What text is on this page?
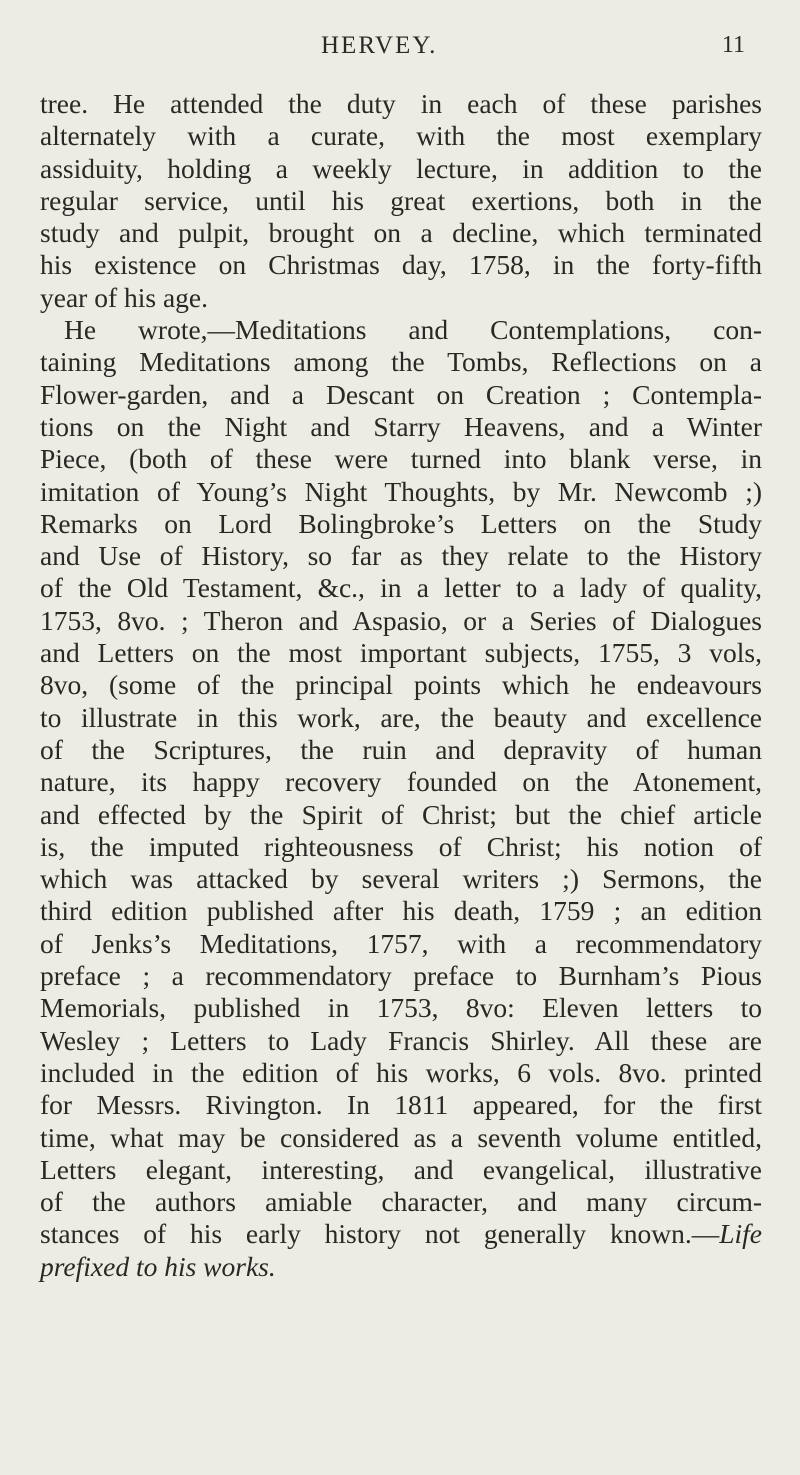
HERVEY.	11
tree. He attended the duty in each of these parishes
alternately with a curate, with the most exemplary
assiduity, holding a weekly lecture, in addition to the
regular service, until his great exertions, both in the
study and pulpit, brought on a decline, which terminated
his existence on Christmas day, 1758, in the forty-fifth
year of his age.
He wrote,—Meditations and Contemplations, con-
taining Meditations among the Tombs, Reflections on a
Flower-garden, and a Descant on Creation ; Contempla-
tions on the Night and Starry Heavens, and a Winter
Piece, (both of these were turned into blank verse, in
imitation of Young’s Night Thoughts, by Mr. Newcomb ;)
Remarks on Lord Bolingbroke’s Letters on the Study
and Use of History, so far as they relate to the History
of the Old Testament, &c., in a letter to a lady of quality,
1753, 8vo. ; Theron and Aspasio, or a Series of Dialogues
and Letters on the most important subjects, 1755, 3 vols,
8vo, (some of the principal points which he endeavours
to illustrate in this work, are, the beauty and excellence
of the Scriptures, the ruin and depravity of human
nature, its happy recovery founded on the Atonement,
and effected by the Spirit of Christ; but the chief article
is, the imputed righteousness of Christ; his notion of
which was attacked by several writers ;) Sermons, the
third edition published after his death, 1759 ; an edition
of Jenks’s Meditations, 1757, with a recommendatory
preface ; a recommendatory preface to Burnham’s Pious
Memorials, published in 1753, 8vo: Eleven letters to
Wesley ; Letters to Lady Francis Shirley. All these are
included in the edition of his works, 6 vols. 8vo. printed
for Messrs. Rivington. In 1811 appeared, for the first
time, what may be considered as a seventh volume entitled,
Letters elegant, interesting, and evangelical, illustrative
of the authors amiable character, and many circum-
stances of his early history not generally known.—Life
prefixed to his works.
